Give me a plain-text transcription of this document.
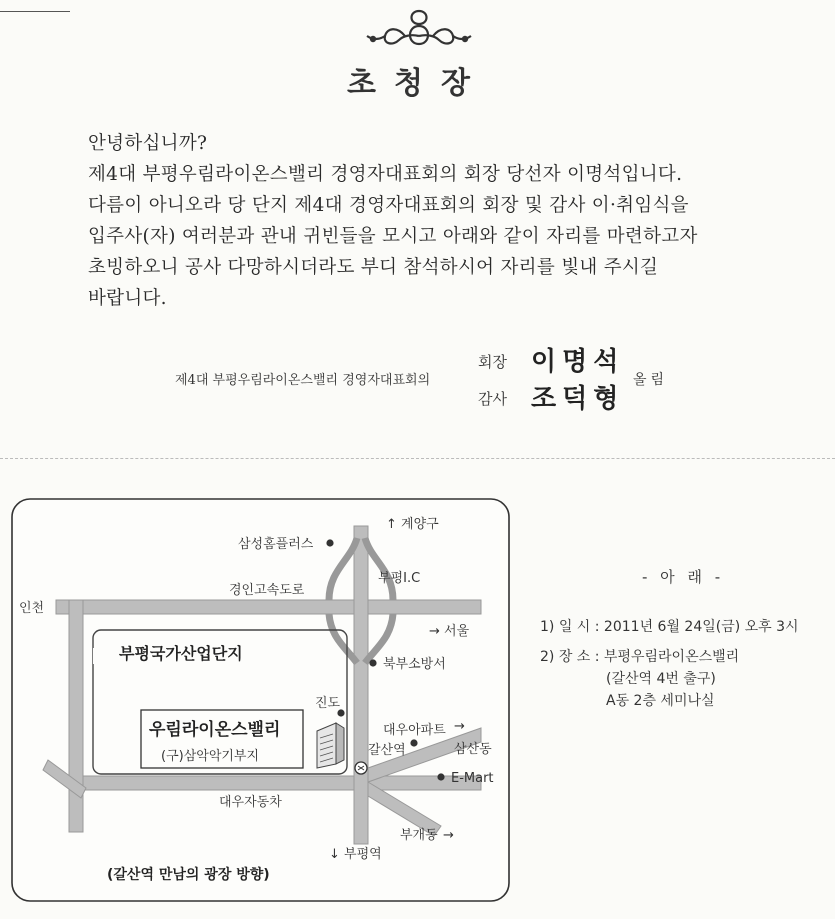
초청장
안녕하십니까?
제4대 부평우림라이온스밸리 경영자대표회의 회장 당선자 이명석입니다.
다름이 아니오라 당 단지 제4대 경영자대표회의 회장 및 감사 이·취임식을
입주사(자) 여러분과 관내 귀빈들을 모시고 아래와 같이 자리를 마련하고자
초빙하오니 공사 다망하시더라도 부디 참석하시어 자리를 빛내 주시길
바랍니다.
제4대 부평우림라이온스밸리 경영자대표회의
회장 이명석
감사 조덕형
올림
↑ 계양구
삼성홈플러스
부평I.C
경인고속도로
인천
→ 서울
부평국가산업단지
북부소방서
진도
우림라이온스밸리
(구)삼악악기부지
대우아파트 →
갈산역	삼산동
E-Mart
대우자동차
부개동 →
↓ 부평역
(갈산역 만남의 광장 방향)
- 아 래 -
1) 일 시 : 2011년 6월 24일(금) 오후 3시
2) 장 소 : 부평우림라이온스밸리
(갈산역 4번 출구)
A동 2층 세미나실
